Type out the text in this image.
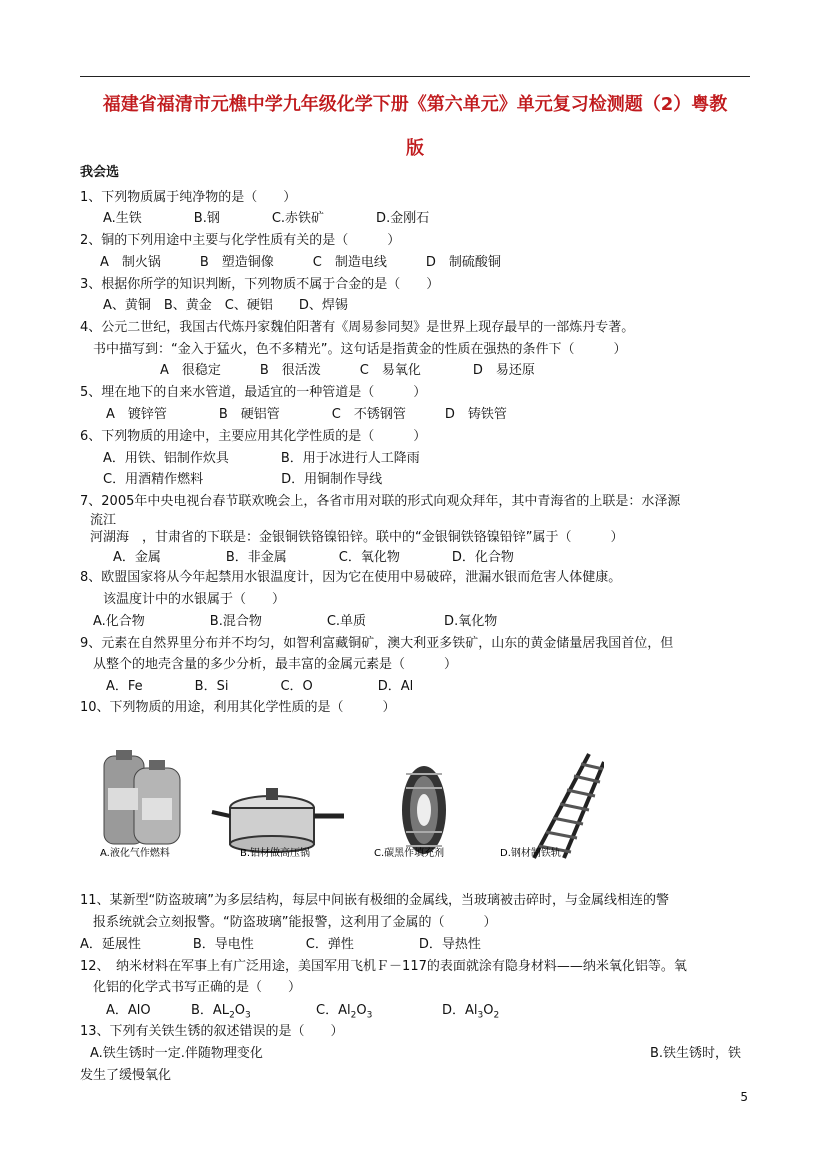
福建省福清市元樵中学九年级化学下册《第六单元》单元复习检测题（2）粤教
版
我会选
1、下列物质属于纯净物的是（　　）
A.生铁　　　　B.钢　　　　C.赤铁矿　　　　D.金刚石
2、铜的下列用途中主要与化学性质有关的是（　　　）
A　制火锅　　　B　塑造铜像　　　C　制造电线　　　D　制硫酸铜
3、根据你所学的知识判断，下列物质不属于合金的是（　　）
A、黄铜　B、黄金　C、硬铝　　D、焊锡
4、公元二世纪，我国古代炼丹家魏伯阳著有《周易参同契》是世界上现存最早的一部炼丹专著。
书中描写到：“金入于猛火，色不多精光”。这句话是指黄金的性质在强热的条件下（　　　）
A　很稳定　　　B　很活泼　　　C　易氧化　　　　D　易还原
5、埋在地下的自来水管道，最适宜的一种管道是（　　　）
A　镀锌管　　　　B　硬铝管　　　　C　不锈钢管　　　D　铸铁管
6、下列物质的用途中，主要应用其化学性质的是（　　　）
A．用铁、铝制作炊具　　　　B．用于冰进行人工降雨
C．用酒精作燃料　　　　　　D．用铜制作导线
7、2005年中央电视台春节联欢晚会上，各省市用对联的形式向观众拜年，其中青海省的上联是：水泽源
流江
河湖海　，甘肃省的下联是：金银铜铁铬镍铅锌。联中的“金银铜铁铬镍铅锌”属于（　　　）
A．金属　　　　　B．非金属　　　　C．氧化物　　　　D．化合物
8、欧盟国家将从今年起禁用水银温度计，因为它在使用中易破碎，泄漏水银而危害人体健康。
该温度计中的水银属于（　　）
A.化合物　　　　　B.混合物　　　　　C.单质　　　　　　D.氧化物
9、元素在自然界里分布并不均匀，如智利富藏铜矿，澳大利亚多铁矿，山东的黄金储量居我国首位，但
从整个的地壳含量的多少分析，最丰富的金属元素是（　　　）
A．Fe　　　　B．Si　　　　C．O　　　　　D．Al
10、下列物质的用途，利用其化学性质的是（　　　）
A.液化气作燃料	B.铝材做高压锅	C.碳黑作填充剂	D.钢材制铁轨
11、某新型“防盗玻璃”为多层结构，每层中间嵌有极细的金属线，当玻璃被击碎时，与金属线相连的警
报系统就会立刻报警。“防盗玻璃”能报警，这利用了金属的（　　　）
A．延展性　　　　B．导电性　　　　C．弹性　　　　　D．导热性
12、　纳米材料在军事上有广泛用途，美国军用飞机Ｆ－117的表面就涂有隐身材料——纳米氧化铝等。氧
化铝的化学式书写正确的是（　　）
A．AlO	B．$AL_2O_3$	C．$Al_2O_3$	D．$Al_3O_2$
13、下列有关铁生锈的叙述错误的是（　　）
A.铁生锈时一定.伴随物理变化	B.铁生锈时，铁
发生了缓慢氧化
5
